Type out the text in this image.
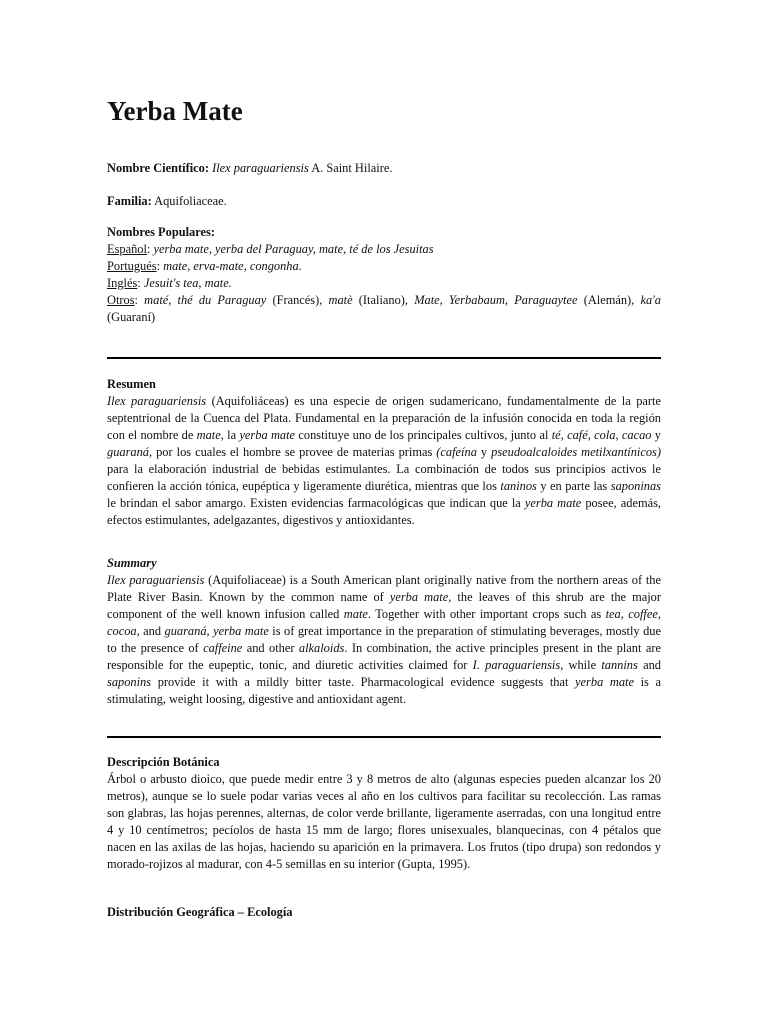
Yerba Mate

Nombre Científico: Ilex paraguariensis A. Saint Hilaire.

Familia: Aquifoliaceae.

Nombres Populares:

Español: yerba mate, yerba del Paraguay, mate, té de los Jesuitas

Portugués: mate, erva-mate, congonha.

Inglés: Jesuit's tea, mate.

Otros: maté, thé du Paraguay (Francés), matè (Italiano), Mate, Yerbabaum, Paraguaytee (Alemán), ka'a (Guaraní)

Resumen

Ilex paraguariensis (Aquifoliáceas) es una especie de origen sudamericano, fundamentalmente de la parte septentrional de la Cuenca del Plata. Fundamental en la preparación de la infusión conocida en toda la región con el nombre de mate, la yerba mate constituye uno de los principales cultivos, junto al té, café, cola, cacao y guaraná, por los cuales el hombre se provee de materias primas (cafeína y pseudoalcaloides metilxantínicos) para la elaboración industrial de bebidas estimulantes. La combinación de todos sus principios activos le confieren la acción tónica, eupéptica y ligeramente diurética, mientras que los taninos y en parte las saponinas le brindan el sabor amargo. Existen evidencias farmacológicas que indican que la yerba mate posee, además, efectos estimulantes, adelgazantes, digestivos y antioxidantes.

Summary

Ilex paraguariensis (Aquifoliaceae) is a South American plant originally native from the northern areas of the Plate River Basin. Known by the common name of yerba mate, the leaves of this shrub are the major component of the well known infusion called mate. Together with other important crops such as tea, coffee, cocoa, and guaraná, yerba mate is of great importance in the preparation of stimulating beverages, mostly due to the presence of caffeine and other alkaloids. In combination, the active principles present in the plant are responsible for the eupeptic, tonic, and diuretic activities claimed for I. paraguariensis, while tannins and saponins provide it with a mildly bitter taste. Pharmacological evidence suggests that yerba mate is a stimulating, weight loosing, digestive and antioxidant agent.

Descripción Botánica

Árbol o arbusto dioico, que puede medir entre 3 y 8 metros de alto (algunas especies pueden alcanzar los 20 metros), aunque se lo suele podar varias veces al año en los cultivos para facilitar su recolección. Las ramas son glabras, las hojas perennes, alternas, de color verde brillante, ligeramente aserradas, con una longitud entre 4 y 10 centímetros; pecíolos de hasta 15 mm de largo; flores unisexuales, blanquecinas, con 4 pétalos que nacen en las axilas de las hojas, haciendo su aparición en la primavera. Los frutos (tipo drupa) son redondos y morado-rojizos al madurar, con 4-5 semillas en su interior (Gupta, 1995).

Distribución Geográfica – Ecología
